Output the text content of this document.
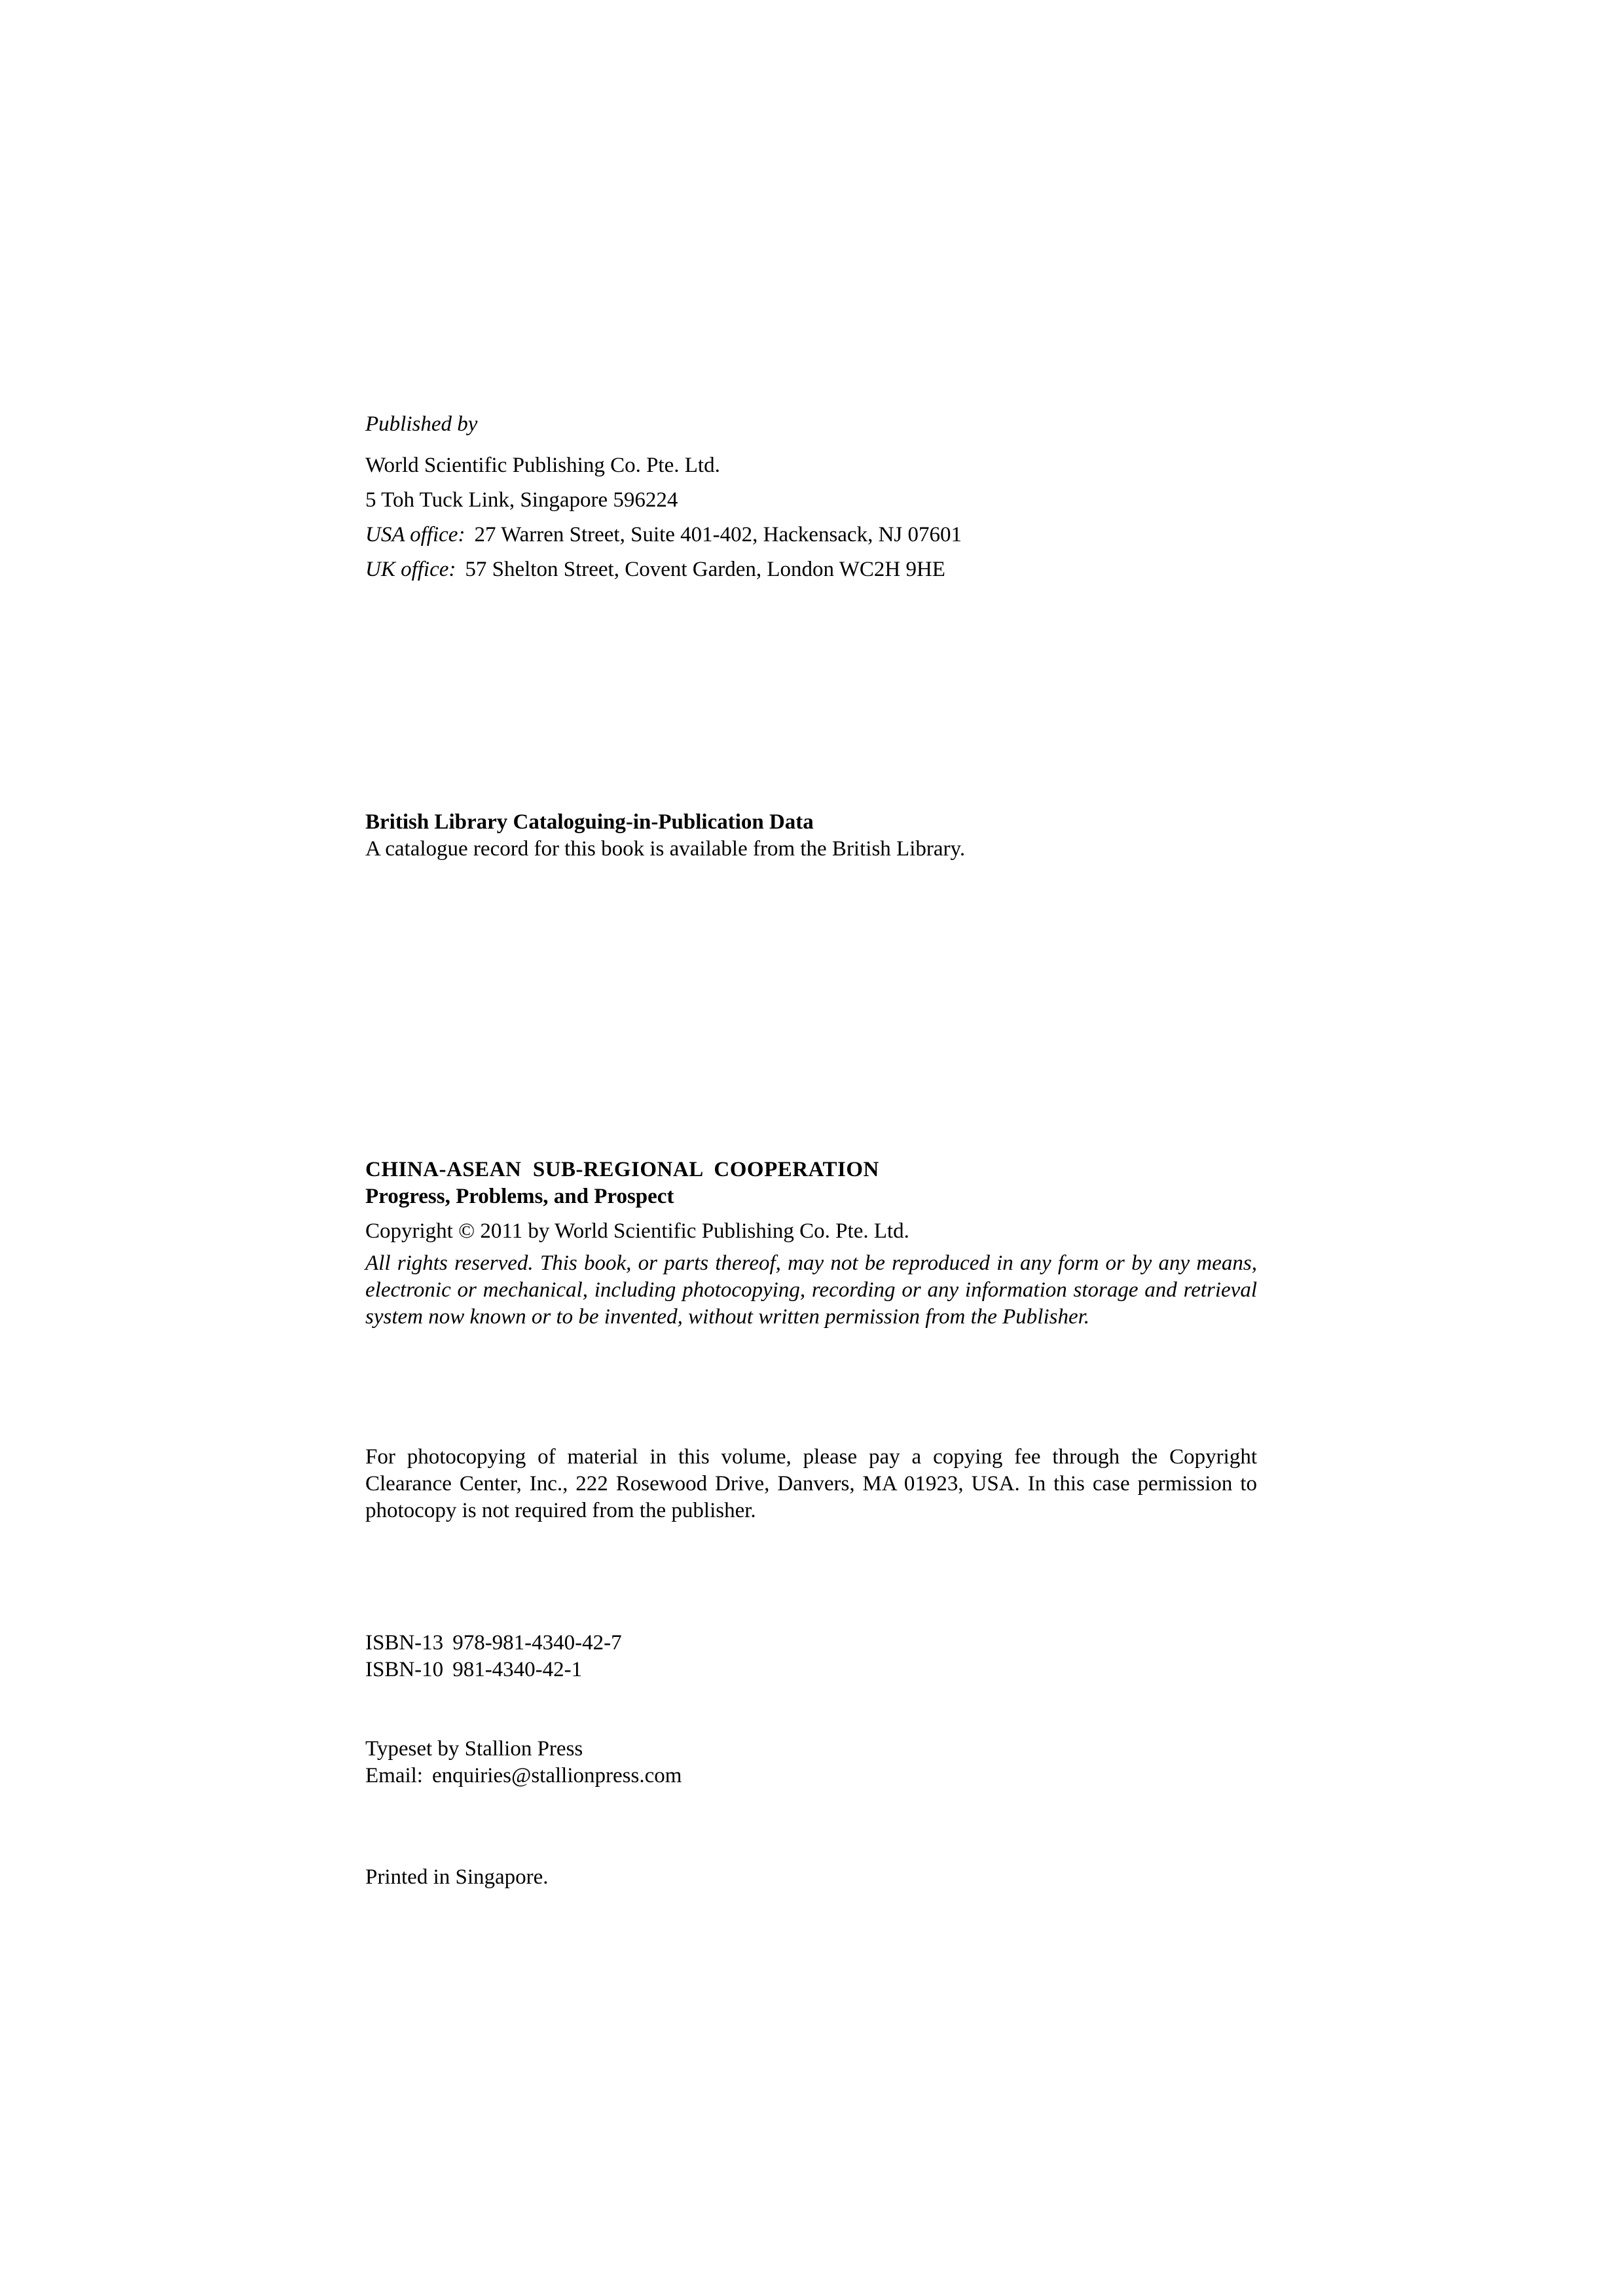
Published by
World Scientific Publishing Co. Pte. Ltd.
5 Toh Tuck Link, Singapore 596224
USA office: 27 Warren Street, Suite 401-402, Hackensack, NJ 07601
UK office: 57 Shelton Street, Covent Garden, London WC2H 9HE
British Library Cataloguing-in-Publication Data
A catalogue record for this book is available from the British Library.
CHINA-ASEAN  SUB-REGIONAL  COOPERATION
Progress, Problems, and Prospect
Copyright © 2011 by World Scientific Publishing Co. Pte. Ltd.
All rights reserved. This book, or parts thereof, may not be reproduced in any form or by any means, electronic or mechanical, including photocopying, recording or any information storage and retrieval system now known or to be invented, without written permission from the Publisher.
For photocopying of material in this volume, please pay a copying fee through the Copyright Clearance Center, Inc., 222 Rosewood Drive, Danvers, MA 01923, USA. In this case permission to photocopy is not required from the publisher.
ISBN-13 978-981-4340-42-7
ISBN-10 981-4340-42-1
Typeset by Stallion Press
Email: enquiries@stallionpress.com
Printed in Singapore.
